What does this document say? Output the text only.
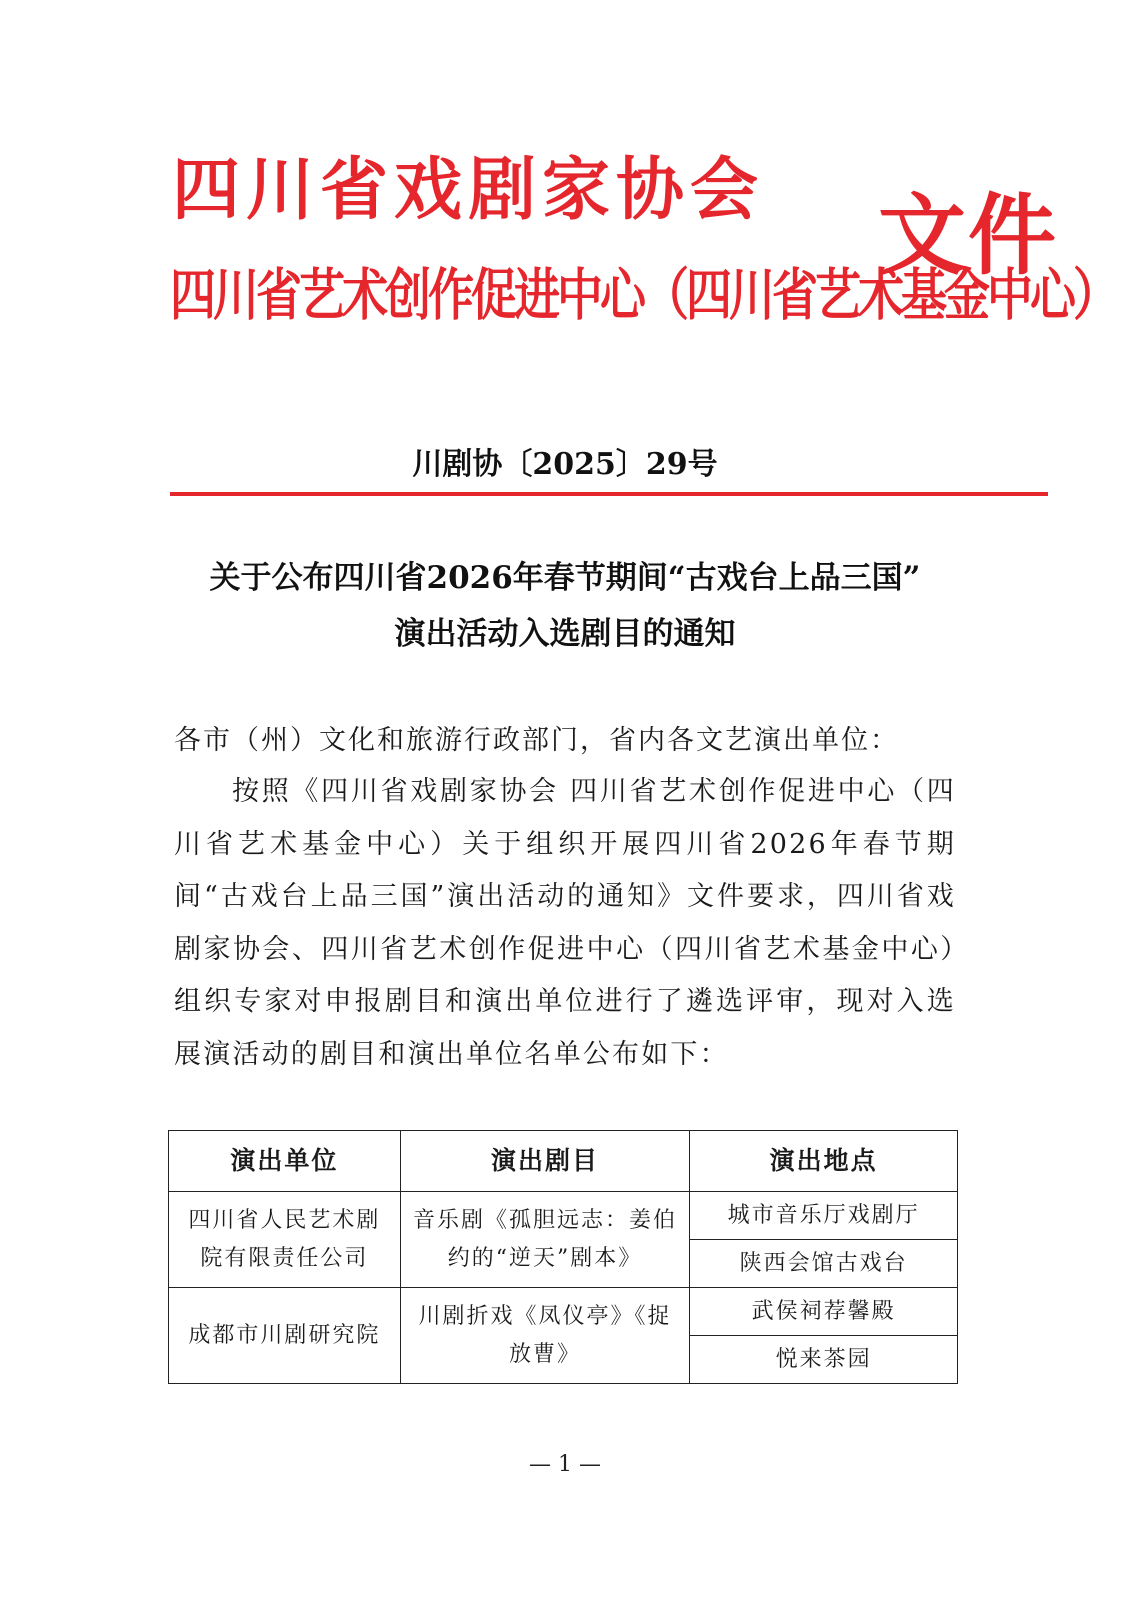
四川省戏剧家协会
四川省艺术创作促进中心（四川省艺术基金中心）
文件
川剧协〔2025〕29号
关于公布四川省2026年春节期间“古戏台上品三国”
演出活动入选剧目的通知
各市（州）文化和旅游行政部门，省内各文艺演出单位：
按照《四川省戏剧家协会 四川省艺术创作促进中心（四川省艺术基金中心）关于组织开展四川省2026年春节期间“古戏台上品三国”演出活动的通知》文件要求，四川省戏剧家协会、四川省艺术创作促进中心（四川省艺术基金中心）组织专家对申报剧目和演出单位进行了遴选评审，现对入选展演活动的剧目和演出单位名单公布如下：
演出单位	演出剧目	演出地点
四川省人民艺术剧院有限责任公司	音乐剧《孤胆远志：姜伯约的“逆天”剧本》	城市音乐厅戏剧厅
		陕西会馆古戏台
成都市川剧研究院	川剧折戏《凤仪亭》《捉放曹》	武侯祠荐馨殿
		悦来茶园
— 1 —
